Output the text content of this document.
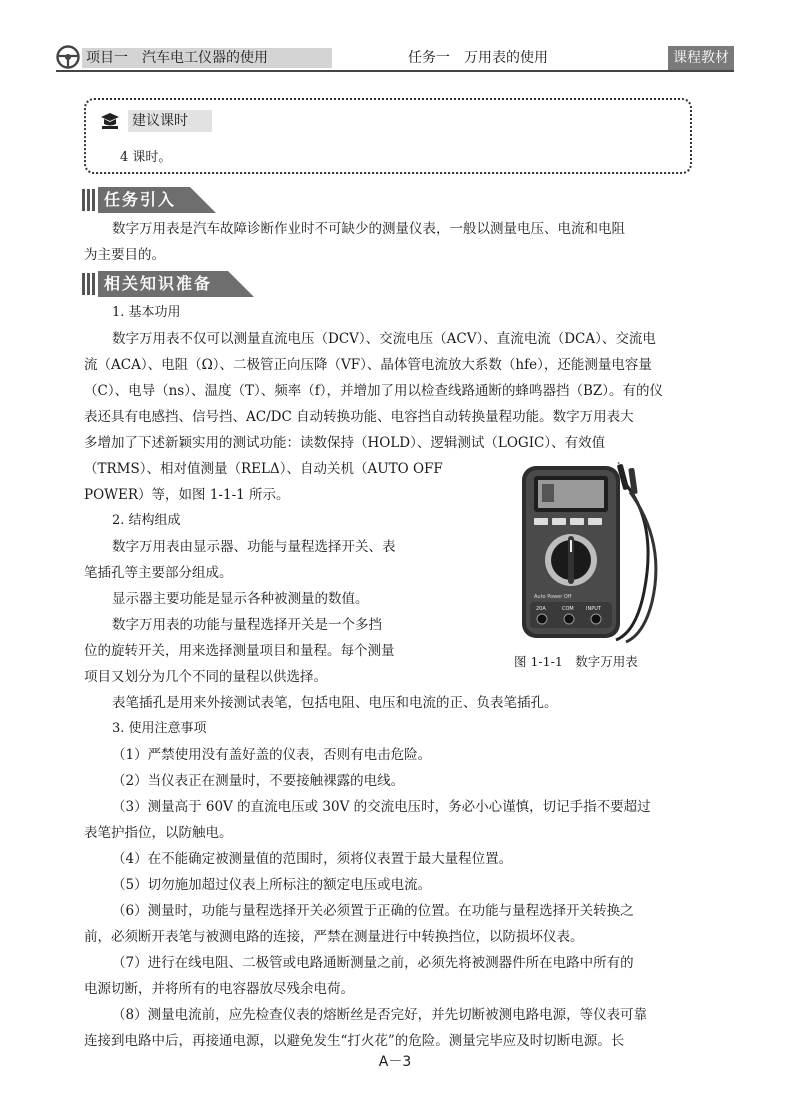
项目一　汽车电工仪器的使用	任务一　万用表的使用	课程教材
建议课时
4 课时。
任务引入
数字万用表是汽车故障诊断作业时不可缺少的测量仪表，一般以测量电压、电流和电阻
为主要目的。
相关知识准备
1. 基本功用
数字万用表不仅可以测量直流电压（DCV）、交流电压（ACV）、直流电流（DCA）、交流电
流（ACA）、电阻（Ω）、二极管正向压降（VF）、晶体管电流放大系数（hfe），还能测量电容量
（C）、电导（ns）、温度（T）、频率（f），并增加了用以检查线路通断的蜂鸣器挡（BZ）。有的仪
表还具有电感挡、信号挡、AC/DC 自动转换功能、电容挡自动转换量程功能。数字万用表大
多增加了下述新颖实用的测试功能：读数保持（HOLD）、逻辑测试（LOGIC）、有效值
（TRMS）、相对值测量（RELΔ）、自动关机（AUTO OFF
POWER）等，如图 1-1-1 所示。
2. 结构组成
数字万用表由显示器、功能与量程选择开关、表
笔插孔等主要部分组成。
显示器主要功能是显示各种被测量的数值。
数字万用表的功能与量程选择开关是一个多挡
位的旋转开关，用来选择测量项目和量程。每个测量
项目又划分为几个不同的量程以供选择。
表笔插孔是用来外接测试表笔，包括电阻、电压和电流的正、负表笔插孔。
3. 使用注意事项
（1）严禁使用没有盖好盖的仪表，否则有电击危险。
（2）当仪表正在测量时，不要接触裸露的电线。
（3）测量高于 60V 的直流电压或 30V 的交流电压时，务必小心谨慎，切记手指不要超过
表笔护指位，以防触电。
（4）在不能确定被测量值的范围时，须将仪表置于最大量程位置。
（5）切勿施加超过仪表上所标注的额定电压或电流。
（6）测量时，功能与量程选择开关必须置于正确的位置。在功能与量程选择开关转换之
前，必须断开表笔与被测电路的连接，严禁在测量进行中转换挡位，以防损坏仪表。
（7）进行在线电阻、二极管或电路通断测量之前，必须先将被测器件所在电路中所有的
电源切断，并将所有的电容器放尽残余电荷。
（8）测量电流前，应先检查仪表的熔断丝是否完好，并先切断被测电路电源，等仪表可靠
连接到电路中后，再接通电源，以避免发生“打火花”的危险。测量完毕应及时切断电源。长
Auto Power Off
20A	COM INPUT
图 1-1-1　数字万用表
A－3
